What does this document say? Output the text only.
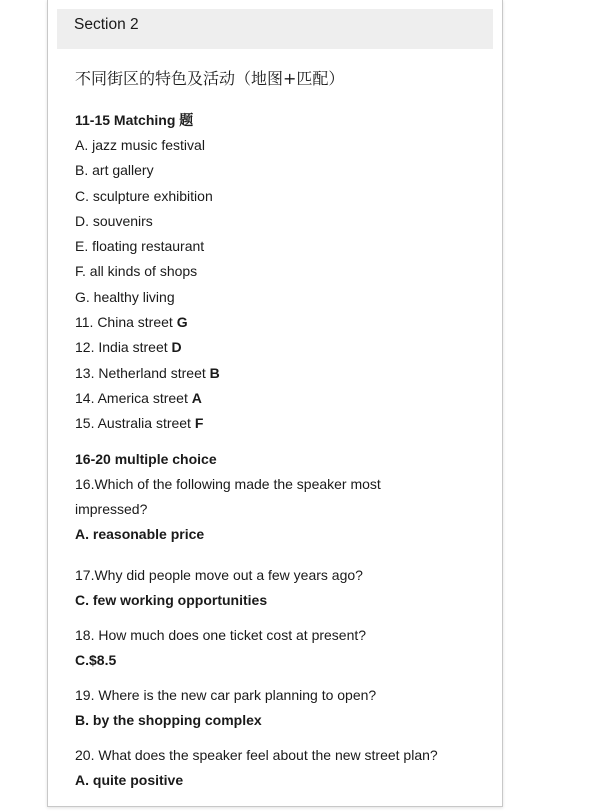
Section 2
不同街区的特色及活动（地图+匹配）
11-15 Matching 题
A. jazz music festival
B. art gallery
C. sculpture exhibition
D. souvenirs
E. floating restaurant
F. all kinds of shops
G. healthy living
11. China street G
12. India street D
13. Netherland street B
14. America street A
15. Australia street F
16-20 multiple choice
16.Which of the following made the speaker most
impressed?
A. reasonable price
17.Why did people move out a few years ago?
C. few working opportunities
18. How much does one ticket cost at present?
C.$8.5
19. Where is the new car park planning to open?
B. by the shopping complex
20. What does the speaker feel about the new street plan?
A. quite positive
